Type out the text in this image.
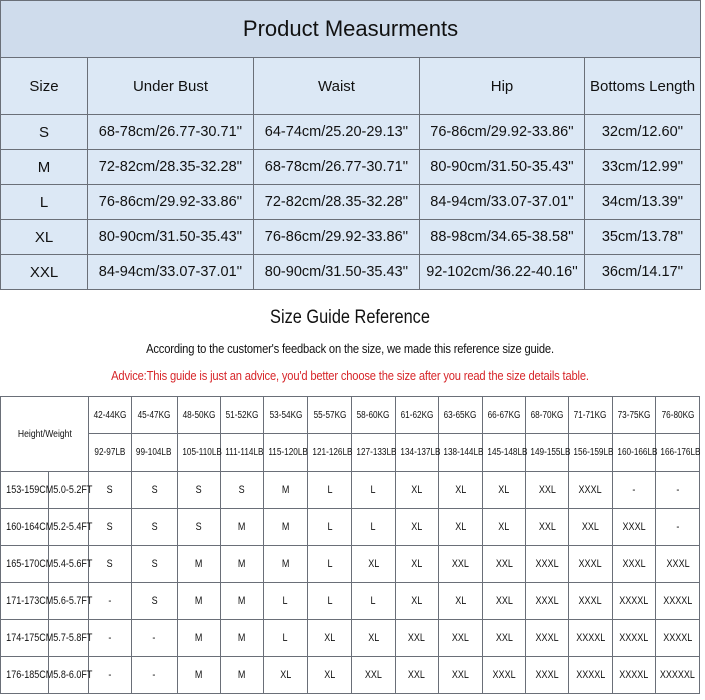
Product Measurments				
Size	Under Bust	Waist	Hip	Bottoms Length
S	68-78cm/26.77-30.71''	64-74cm/25.20-29.13''	76-86cm/29.92-33.86''	32cm/12.60''
M	72-82cm/28.35-32.28''	68-78cm/26.77-30.71''	80-90cm/31.50-35.43''	33cm/12.99''
L	76-86cm/29.92-33.86''	72-82cm/28.35-32.28''	84-94cm/33.07-37.01''	34cm/13.39''
XL	80-90cm/31.50-35.43''	76-86cm/29.92-33.86''	88-98cm/34.65-38.58''	35cm/13.78''
XXL	84-94cm/33.07-37.01''	80-90cm/31.50-35.43''	92-102cm/36.22-40.16''	36cm/14.17''
Size Guide Reference
According to the customer's feedback on the size, we made this reference size guide.
Advice:This guide is just an advice, you'd better choose the size after you read the size details table.
Height/Weight		42-44KG	45-47KG	48-50KG	51-52KG	53-54KG	55-57KG	58-60KG	61-62KG	63-65KG	66-67KG	68-70KG	71-71KG	73-75KG	76-80KG
		92-97LB	99-104LB	105-110LB	111-114LB	115-120LB	121-126LB	127-133LB	134-137LB	138-144LB	145-148LB	149-155LB	156-159LB	160-166LB	166-176LB
153-159CM	5.0-5.2FT	S	S	S	S	M	L	L	XL	XL	XL	XXL	XXXL	-	-
160-164CM	5.2-5.4FT	S	S	S	M	M	L	L	XL	XL	XL	XXL	XXL	XXXL	-
165-170CM	5.4-5.6FT	S	S	M	M	M	L	XL	XL	XXL	XXL	XXXL	XXXL	XXXL	XXXL
171-173CM	5.6-5.7FT	-	S	M	M	L	L	L	XL	XL	XXL	XXXL	XXXL	XXXXL	XXXXL
174-175CM	5.7-5.8FT	-	-	M	M	L	XL	XL	XXL	XXL	XXL	XXXL	XXXXL	XXXXL	XXXXL
176-185CM	5.8-6.0FT	-	-	M	M	XL	XL	XXL	XXL	XXL	XXXL	XXXL	XXXXL	XXXXL	XXXXXL
